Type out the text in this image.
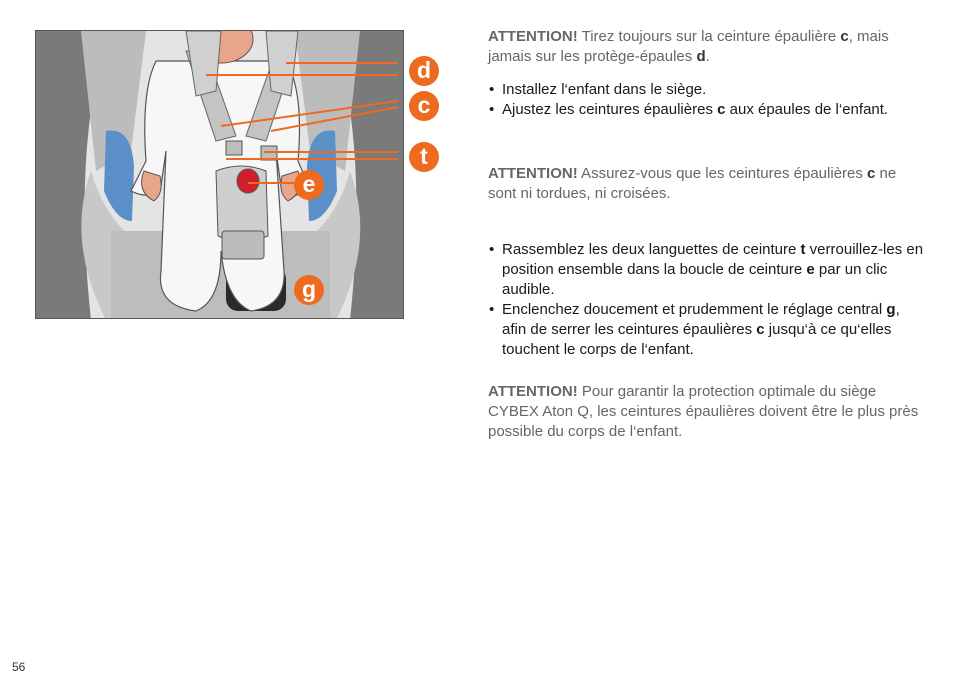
d
c
t
e
g

ATTENTION! Tirez toujours sur la ceinture épaulière c, mais jamais sur les protège-épaules d.

• Installez l‘enfant dans le siège.
• Ajustez les ceintures épaulières c aux épaules de l‘enfant.

ATTENTION! Assurez-vous que les ceintures épaulières c ne sont ni tordues, ni croisées.

• Rassemblez les deux languettes de ceinture t verrouillez-les en position ensemble dans la boucle de ceinture e par un clic audible.
• Enclenchez doucement et prudemment le réglage central g, afin de serrer les ceintures épaulières c jusqu‘à ce qu‘elles touchent le corps de l‘enfant.

ATTENTION! Pour garantir la protection optimale du siège CYBEX Aton Q, les ceintures épaulières doivent être le plus près possible du corps de l‘enfant.

56
